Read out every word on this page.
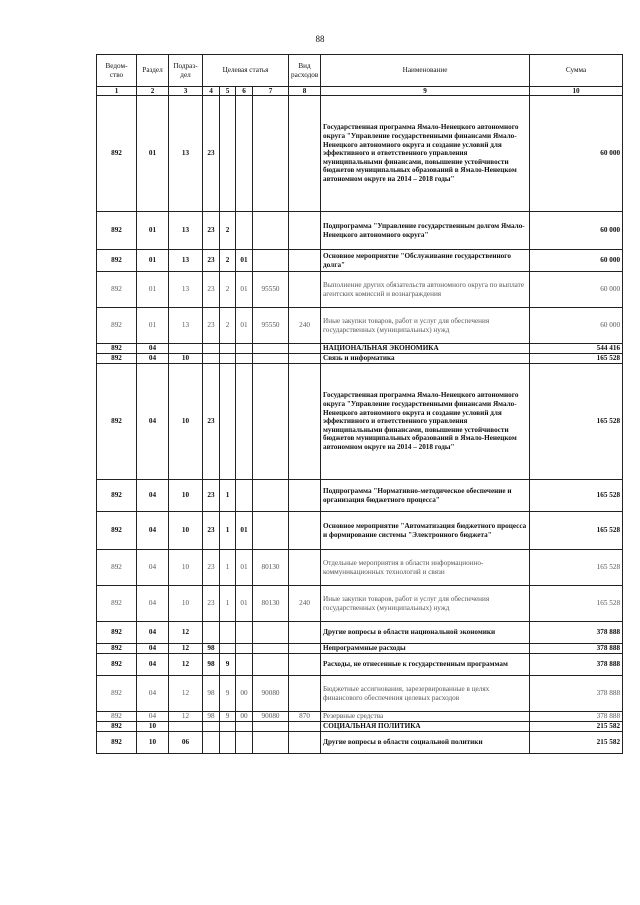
88
Ведом-ство	Раздел	Подраз-дел	Целевая статья				Вид расходов	Наименование	Сумма
1	2	3	4	5	6	7	8	9	10
892	01	13	23					Государственная программа Ямало-Ненецкого автономного округа "Управление государственными финансами Ямало-Ненецкого автономного округа и создание условий для эффективного и ответственного управления муниципальными финансами, повышение устойчивости бюджетов муниципальных образований в Ямало-Ненецком автономном округе на 2014 – 2018 годы"	60 000
892	01	13	23	2				Подпрограмма "Управление государственным долгом Ямало-Ненецкого автономного округа"	60 000
892	01	13	23	2	01			Основное мероприятие "Обслуживание государственного долга"	60 000
892	01	13	23	2	01	95550		Выполнение других обязательств автономного округа по выплате агентских комиссий и вознаграждения	60 000
892	01	13	23	2	01	95550	240	Иные закупки товаров, работ и услуг для обеспечения государственных (муниципальных) нужд	60 000
892	04							НАЦИОНАЛЬНАЯ ЭКОНОМИКА	544 416
892	04	10						Связь и информатика	165 528
892	04	10	23					Государственная программа Ямало-Ненецкого автономного округа "Управление государственными финансами Ямало-Ненецкого автономного округа и создание условий для эффективного и ответственного управления муниципальными финансами, повышение устойчивости бюджетов муниципальных образований в Ямало-Ненецком автономном округе на 2014 – 2018 годы"	165 528
892	04	10	23	1				Подпрограмма "Нормативно-методическое обеспечение и организация бюджетного процесса"	165 528
892	04	10	23	1	01			Основное мероприятие "Автоматизация бюджетного процесса и формирование системы "Электронного бюджета"	165 528
892	04	10	23	1	01	80130		Отдельные мероприятия в области информационно-коммуникационных технологий и связи	165 528
892	04	10	23	1	01	80130	240	Иные закупки товаров, работ и услуг для обеспечения государственных (муниципальных) нужд	165 528
892	04	12						Другие вопросы в области национальной экономики	378 888
892	04	12	98					Непрограммные расходы	378 888
892	04	12	98	9				Расходы, не отнесенные к государственным программам	378 888
892	04	12	98	9	00	90080		Бюджетные ассигнования, зарезервированные в целях финансового обеспечения целевых расходов	378 888
892	04	12	98	9	00	90080	870	Резервные средства	378 888
892	10							СОЦИАЛЬНАЯ ПОЛИТИКА	215 582
892	10	06						Другие вопросы в области социальной политики	215 582
